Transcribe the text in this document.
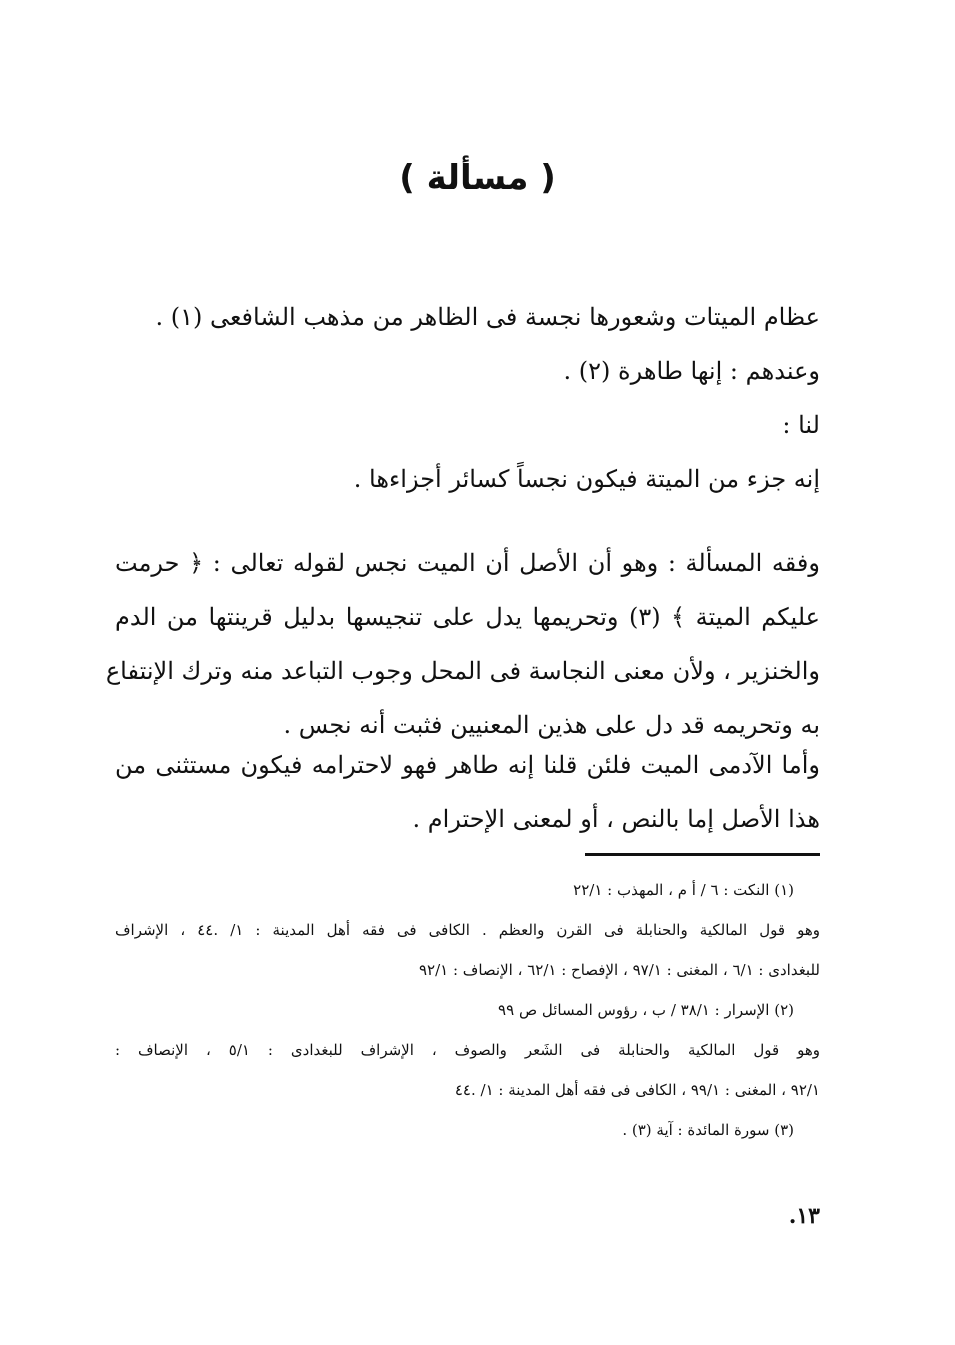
( مسألة )
عظام الميتات وشعورها نجسة فى الظاهر من مذهب الشافعى (١) .
وعندهم : إنها طاهرة (٢) .
لنا :
إنه جزء من الميتة فيكون نجساً كسائر أجزاءها .
وفقه المسألة : وهو أن الأصل أن الميت نجس لقوله تعالى : ﴿ حرمت
عليكم الميتة ﴾ (٣) وتحريمها يدل على تنجيسها بدليل قرينتها من الدم
والخنزير ، ولأن معنى النجاسة فى المحل وجوب التباعد منه وترك الإنتفاع
به وتحريمه قد دل على هذين المعنيين فثبت أنه نجس .
وأما الآدمى الميت فلئن قلنا إنه طاهر فهو لاحترامه فيكون مستثنى من
هذا الأصل إما بالنص ، أو لمعنى الإحترام .
(١) النكت : ٦ / أ م ، المهذب : ٢٢/١
وهو قول المالكية والحنابلة فى القرن والعظم . الكافى فى فقه أهل المدينة : ١/ .٤٤ ، الإشراف
للبغدادى : ٦/١ ، المغنى : ٩٧/١ ، الإفصاح : ٦٢/١ ، الإنصاف : ٩٢/١
(٢) الإسرار : ٣٨/١ / ب ، رؤوس المسائل ص ٩٩
وهو قول المالكية والحنابلة فى الشَعر والصوف ، الإشراف للبغدادى : ٥/١ ، الإنصاف :
٩٢/١ ، المغنى : ٩٩/١ ، الكافى فى فقه أهل المدينة : ١/ .٤٤
(٣) سورة المائدة : آية (٣) .
١٣.
